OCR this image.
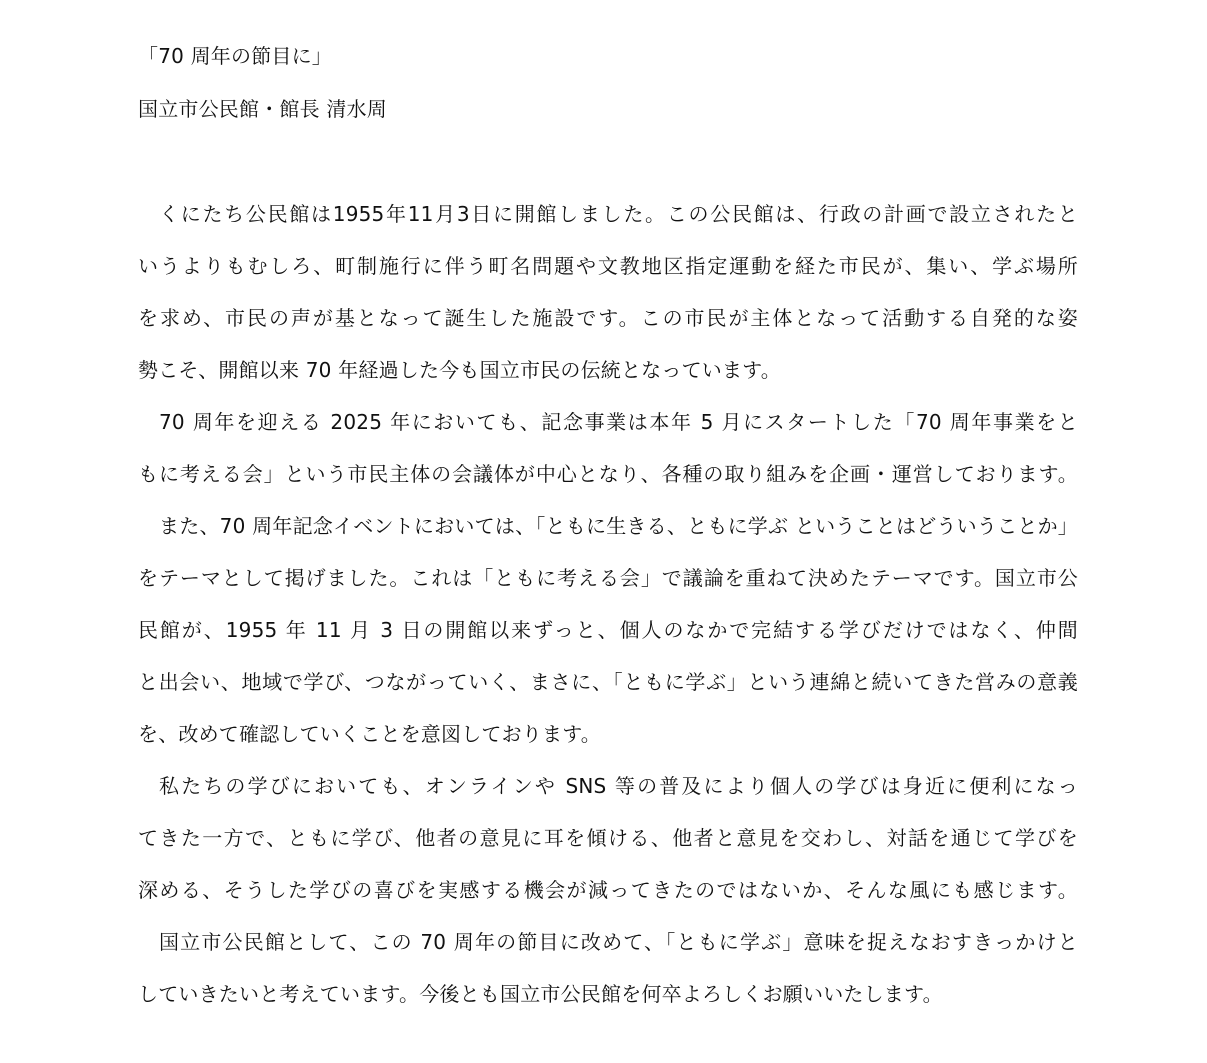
「70 周年の節目に」
国立市公民館・館長 清水周
くにたち公民館は1955年11月3日に開館しました。この公民館は、行政の計画で設立されたと
いうよりもむしろ、町制施行に伴う町名問題や文教地区指定運動を経た市民が、集い、学ぶ場所
を求め、市民の声が基となって誕生した施設です。この市民が主体となって活動する自発的な姿
勢こそ、開館以来 70 年経過した今も国立市民の伝統となっています。
70 周年を迎える 2025 年においても、記念事業は本年 5 月にスタートした「70 周年事業をと
もに考える会」という市民主体の会議体が中心となり、各種の取り組みを企画・運営しております。
また、70 周年記念イベントにおいては、「ともに生きる、ともに学ぶ ということはどういうことか」
をテーマとして掲げました。これは「ともに考える会」で議論を重ねて決めたテーマです。国立市公
民館が、1955 年 11 月 3 日の開館以来ずっと、個人のなかで完結する学びだけではなく、仲間
と出会い、地域で学び、つながっていく、まさに、「ともに学ぶ」という連綿と続いてきた営みの意義
を、改めて確認していくことを意図しております。
私たちの学びにおいても、オンラインや SNS 等の普及により個人の学びは身近に便利になっ
てきた一方で、ともに学び、他者の意見に耳を傾ける、他者と意見を交わし、対話を通じて学びを
深める、そうした学びの喜びを実感する機会が減ってきたのではないか、そんな風にも感じます。
国立市公民館として、この 70 周年の節目に改めて、「ともに学ぶ」意味を捉えなおすきっかけと
していきたいと考えています。今後とも国立市公民館を何卒よろしくお願いいたします。
